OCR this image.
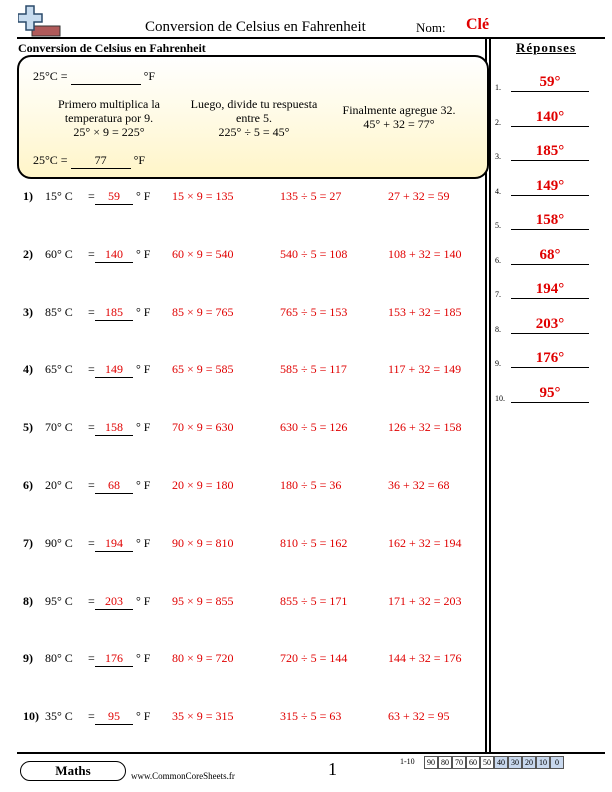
Conversion de Celsius en Fahrenheit	Nom: Clé
Conversion de Celsius en Fahrenheit
25°C =	°F
Primero multiplica la
temperatura por 9.
25° × 9 = 225°
Luego, divide tu respuesta
entre 5.
225° ÷ 5 = 45°
Finalmente agregue 32.
45° + 32 = 77°
25°C = 77 °F
1) 15° C =	59	° F 15 × 9 = 135	135 ÷ 5 = 27	27 + 32 = 59
2) 60° C = 140	° F 60 × 9 = 540	540 ÷ 5 = 108	108 + 32 = 140
3) 85° C = 185	° F 85 × 9 = 765	765 ÷ 5 = 153	153 + 32 = 185
4) 65° C = 149	° F 65 × 9 = 585	585 ÷ 5 = 117	117 + 32 = 149
5) 70° C = 158	° F 70 × 9 = 630	630 ÷ 5 = 126	126 + 32 = 158
6) 20° C =	68	° F 20 × 9 = 180	180 ÷ 5 = 36	36 + 32 = 68
7) 90° C = 194	° F 90 × 9 = 810	810 ÷ 5 = 162	162 + 32 = 194
8) 95° C = 203	° F 95 × 9 = 855	855 ÷ 5 = 171	171 + 32 = 203
9) 80° C = 176	° F 80 × 9 = 720	720 ÷ 5 = 144	144 + 32 = 176
10) 35° C =	95	° F 35 × 9 = 315	315 ÷ 5 = 63	63 + 32 = 95
Réponses
1.	59°
2.	140°
3.	185°
4.	149°
5.	158°
6.	68°
7.	194°
8.	203°
9.	176°
10.	95°
Maths	www.CommonCoreSheets.fr	1	1-10	90 80 70 60 50 40 30 20 10	0
